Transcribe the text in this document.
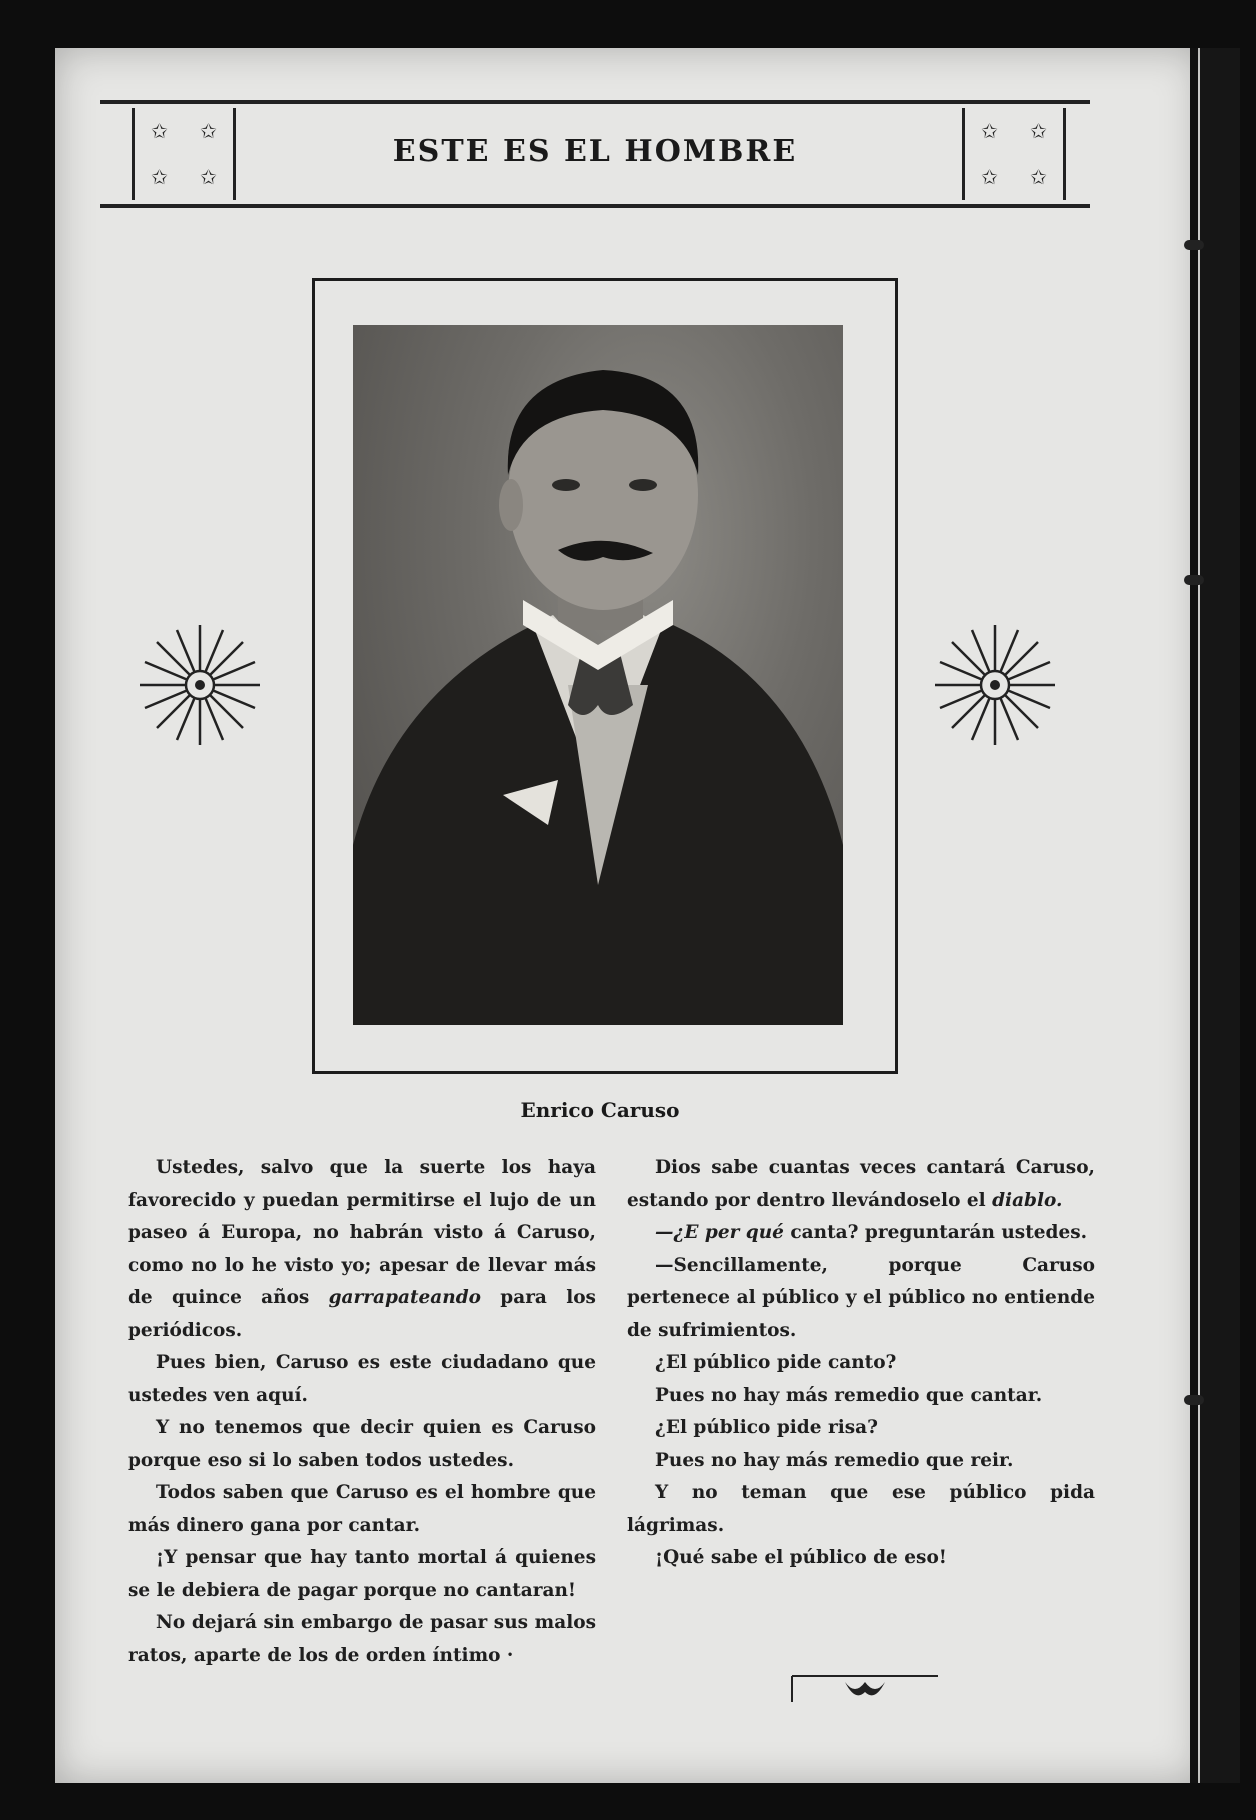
✩ ✩
✩ ✩
ESTE ES EL HOMBRE
✩ ✩
✩ ✩
Enrico Caruso

Ustedes, salvo que la suerte los haya favorecido y puedan permitirse el lujo de un paseo á Europa, no habrán visto á Caruso, como no lo he visto yo; apesar de llevar más de quince años garrapateando para los periódicos.

Pues bien, Caruso es este ciudadano que ustedes ven aquí.

Y no tenemos que decir quien es Caruso porque eso si lo saben todos ustedes.

Todos saben que Caruso es el hombre que más dinero gana por cantar.

¡Y pensar que hay tanto mortal á quienes se le debiera de pagar porque no cantaran!

No dejará sin embargo de pasar sus malos ratos, aparte de los de orden íntimo ·

Dios sabe cuantas veces cantará Caruso, estando por dentro llevándoselo el diablo.

—¿E per qué canta? preguntarán ustedes.

—Sencillamente, porque Caruso pertenece al público y el público no entiende de sufrimientos.

¿El público pide canto?

Pues no hay más remedio que cantar.

¿El público pide risa?

Pues no hay más remedio que reir.

Y no teman que ese público pida lágrimas.

¡Qué sabe el público de eso!
